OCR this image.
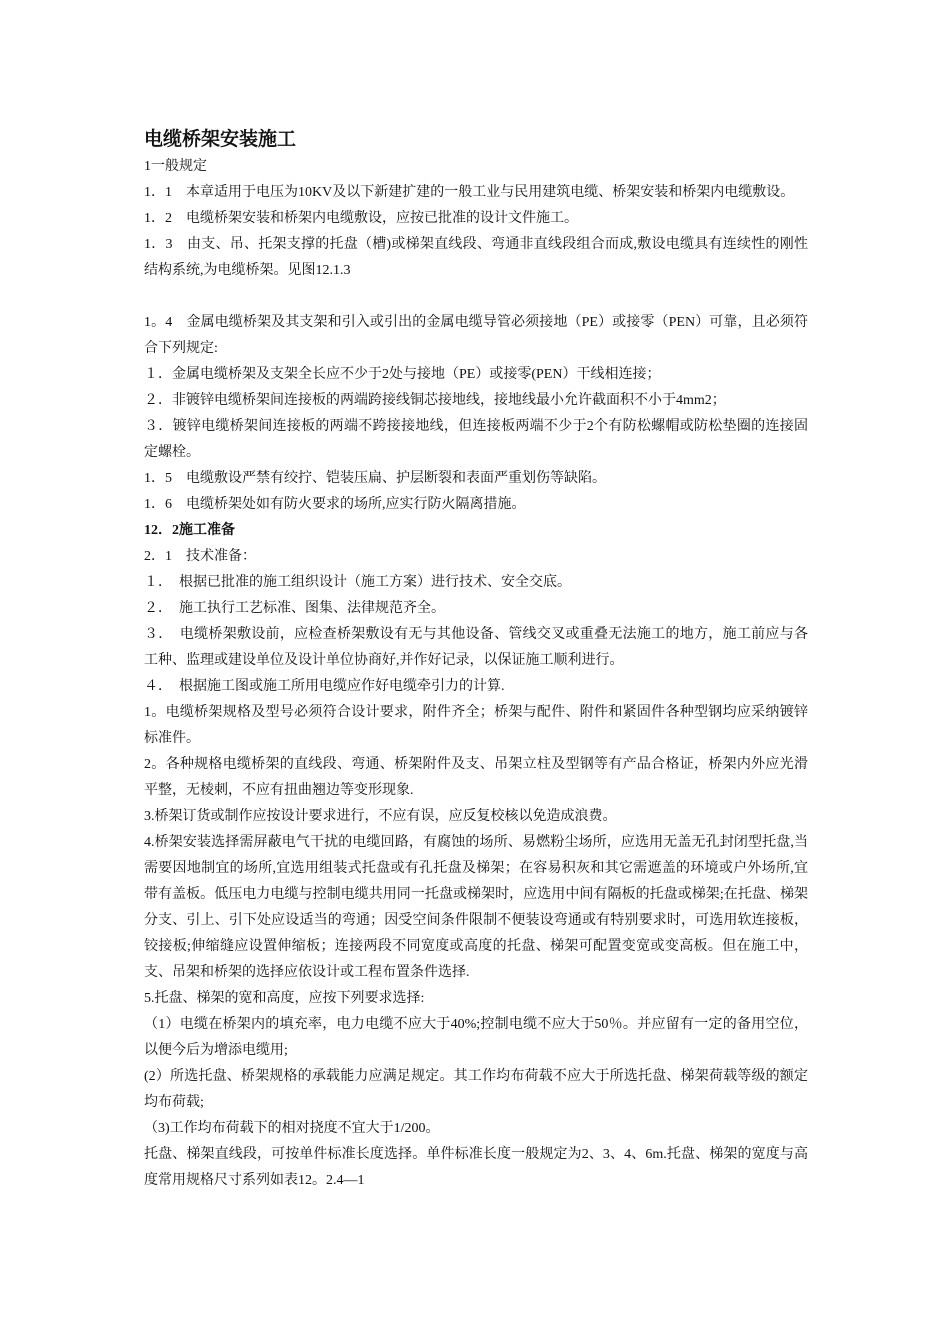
电缆桥架安装施工
1一般规定
1．1　本章适用于电压为10KV及以下新建扩建的一般工业与民用建筑电缆、桥架安装和桥架内电缆敷设。
1．2　电缆桥架安装和桥架内电缆敷设，应按已批准的设计文件施工。
1．3　由支、吊、托架支撑的托盘（槽)或梯架直线段、弯通非直线段组合而成,敷设电缆具有连续性的刚性结构系统,为电缆桥架。见图12.1.3
1。4　金属电缆桥架及其支架和引入或引出的金属电缆导管必须接地（PE）或接零（PEN）可靠，且必须符合下列规定:
１．金属电缆桥架及支架全长应不少于2处与接地（PE）或接零(PEN）干线相连接；
２．非镀锌电缆桥架间连接板的两端跨接线铜芯接地线，接地线最小允许截面积不小于4mm2；
３．镀锌电缆桥架间连接板的两端不跨接接地线，但连接板两端不少于2个有防松螺帽或防松垫圈的连接固定螺栓。
1．5　电缆敷设严禁有绞拧、铠装压扁、护层断裂和表面严重划伤等缺陷。
1．6　电缆桥架处如有防火要求的场所,应实行防火隔离措施。
12．2施工准备
2．1　技术准备：
１．　根据已批准的施工组织设计（施工方案）进行技术、安全交底。
２．　施工执行工艺标准、图集、法律规范齐全。
３．　电缆桥架敷设前，应检查桥架敷设有无与其他设备、管线交叉或重叠无法施工的地方，施工前应与各工种、监理或建设单位及设计单位协商好,并作好记录，以保证施工顺利进行。
４．　根据施工图或施工所用电缆应作好电缆牵引力的计算.
1。电缆桥架规格及型号必须符合设计要求，附件齐全；桥架与配件、附件和紧固件各种型钢均应采纳镀锌标准件。
2。各种规格电缆桥架的直线段、弯通、桥架附件及支、吊架立柱及型钢等有产品合格证，桥架内外应光滑平整，无棱刺，不应有扭曲翘边等变形现象.
3.桥架订货或制作应按设计要求进行，不应有误，应反复校核以免造成浪费。
4.桥架安装选择需屏蔽电气干扰的电缆回路，有腐蚀的场所、易燃粉尘场所，应选用无盖无孔封闭型托盘,当需要因地制宜的场所,宜选用组装式托盘或有孔托盘及梯架；在容易积灰和其它需遮盖的环境或户外场所,宜带有盖板。低压电力电缆与控制电缆共用同一托盘或梯架时，应选用中间有隔板的托盘或梯架;在托盘、梯架分支、引上、引下处应设适当的弯通；因受空间条件限制不便装设弯通或有特别要求时，可选用软连接板，铰接板;伸缩缝应设置伸缩板；连接两段不同宽度或高度的托盘、梯架可配置变宽或变高板。但在施工中，支、吊架和桥架的选择应依设计或工程布置条件选择.
5.托盘、梯架的宽和高度，应按下列要求选择:
（1）电缆在桥架内的填充率，电力电缆不应大于40%;控制电缆不应大于50％。并应留有一定的备用空位，以便今后为增添电缆用;
(2）所选托盘、桥架规格的承载能力应满足规定。其工作均布荷载不应大于所选托盘、梯架荷载等级的额定均布荷载;
（3)工作均布荷载下的相对挠度不宜大于1/200。
托盘、梯架直线段，可按单件标准长度选择。单件标准长度一般规定为2、3、4、6m.托盘、梯架的宽度与高度常用规格尺寸系列如表12。2.4—1
